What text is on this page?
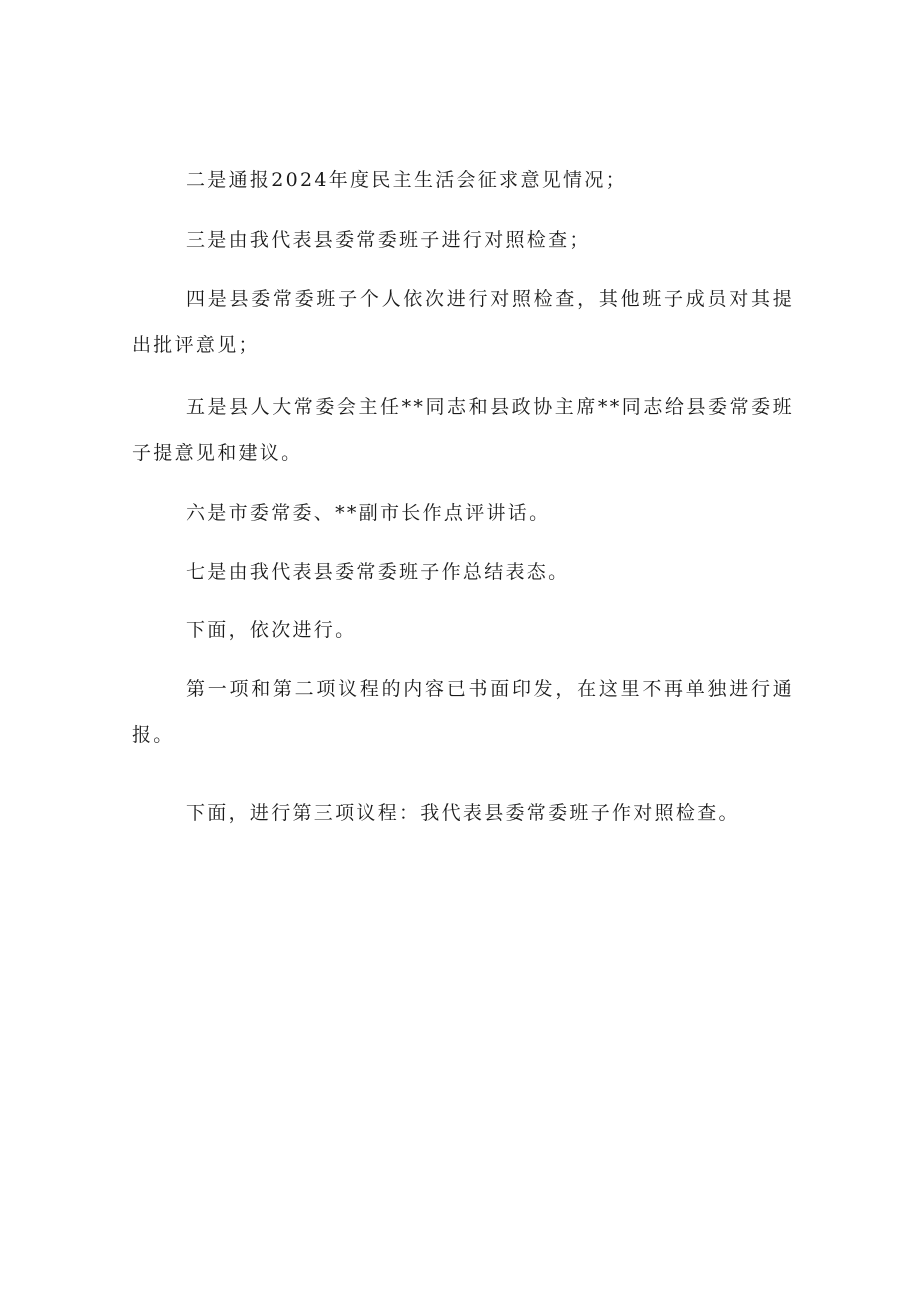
二是通报2024年度民主生活会征求意见情况；

三是由我代表县委常委班子进行对照检查；

四是县委常委班子个人依次进行对照检查，其他班子成员对其提出批评意见；

五是县人大常委会主任**同志和县政协主席**同志给县委常委班子提意见和建议。

六是市委常委、**副市长作点评讲话。

七是由我代表县委常委班子作总结表态。

下面，依次进行。

第一项和第二项议程的内容已书面印发，在这里不再单独进行通报。

下面，进行第三项议程：我代表县委常委班子作对照检查。
